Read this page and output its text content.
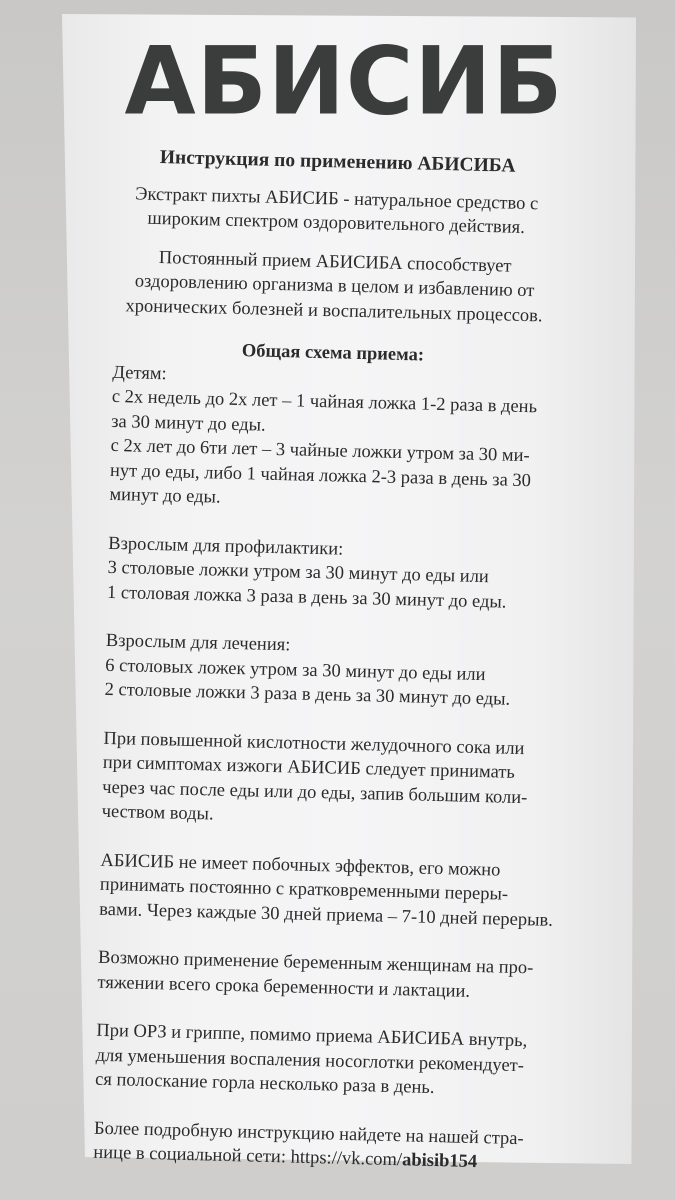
АБИСИБ
Инструкция по применению АБИСИБА

Экстракт пихты АБИСИБ - натуральное средство с
широким спектром оздоровительного действия.

Постоянный прием АБИСИБА способствует
оздоровлению организма в целом и избавлению от
хронических болезней и воспалительных процессов.

Общая схема приема:

Детям:
с 2х недель до 2х лет – 1 чайная ложка 1-2 раза в день
за 30 минут до еды.
с 2х лет до 6ти лет – 3 чайные ложки утром за 30 ми-
нут до еды, либо 1 чайная ложка 2-3 раза в день за 30
минут до еды.

Взрослым для профилактики:
3 столовые ложки утром за 30 минут до еды или
1 столовая ложка 3 раза в день за 30 минут до еды.

Взрослым для лечения:
6 столовых ложек утром за 30 минут до еды или
2 столовые ложки 3 раза в день за 30 минут до еды.

При повышенной кислотности желудочного сока или
при симптомах изжоги АБИСИБ следует принимать
через час после еды или до еды, запив большим коли-
чеством воды.

АБИСИБ не имеет побочных эффектов, его можно
принимать постоянно с кратковременными переры-
вами. Через каждые 30 дней приема – 7-10 дней перерыв.

Возможно применение беременным женщинам на про-
тяжении всего срока беременности и лактации.

При ОРЗ и гриппе, помимо приема АБИСИБА внутрь,
для уменьшения воспаления носоглотки рекомендует-
ся полоскание горла несколько раза в день.

Более подробную инструкцию найдете на нашей стра-
нице в социальной сети: https://vk.com/abisib154
